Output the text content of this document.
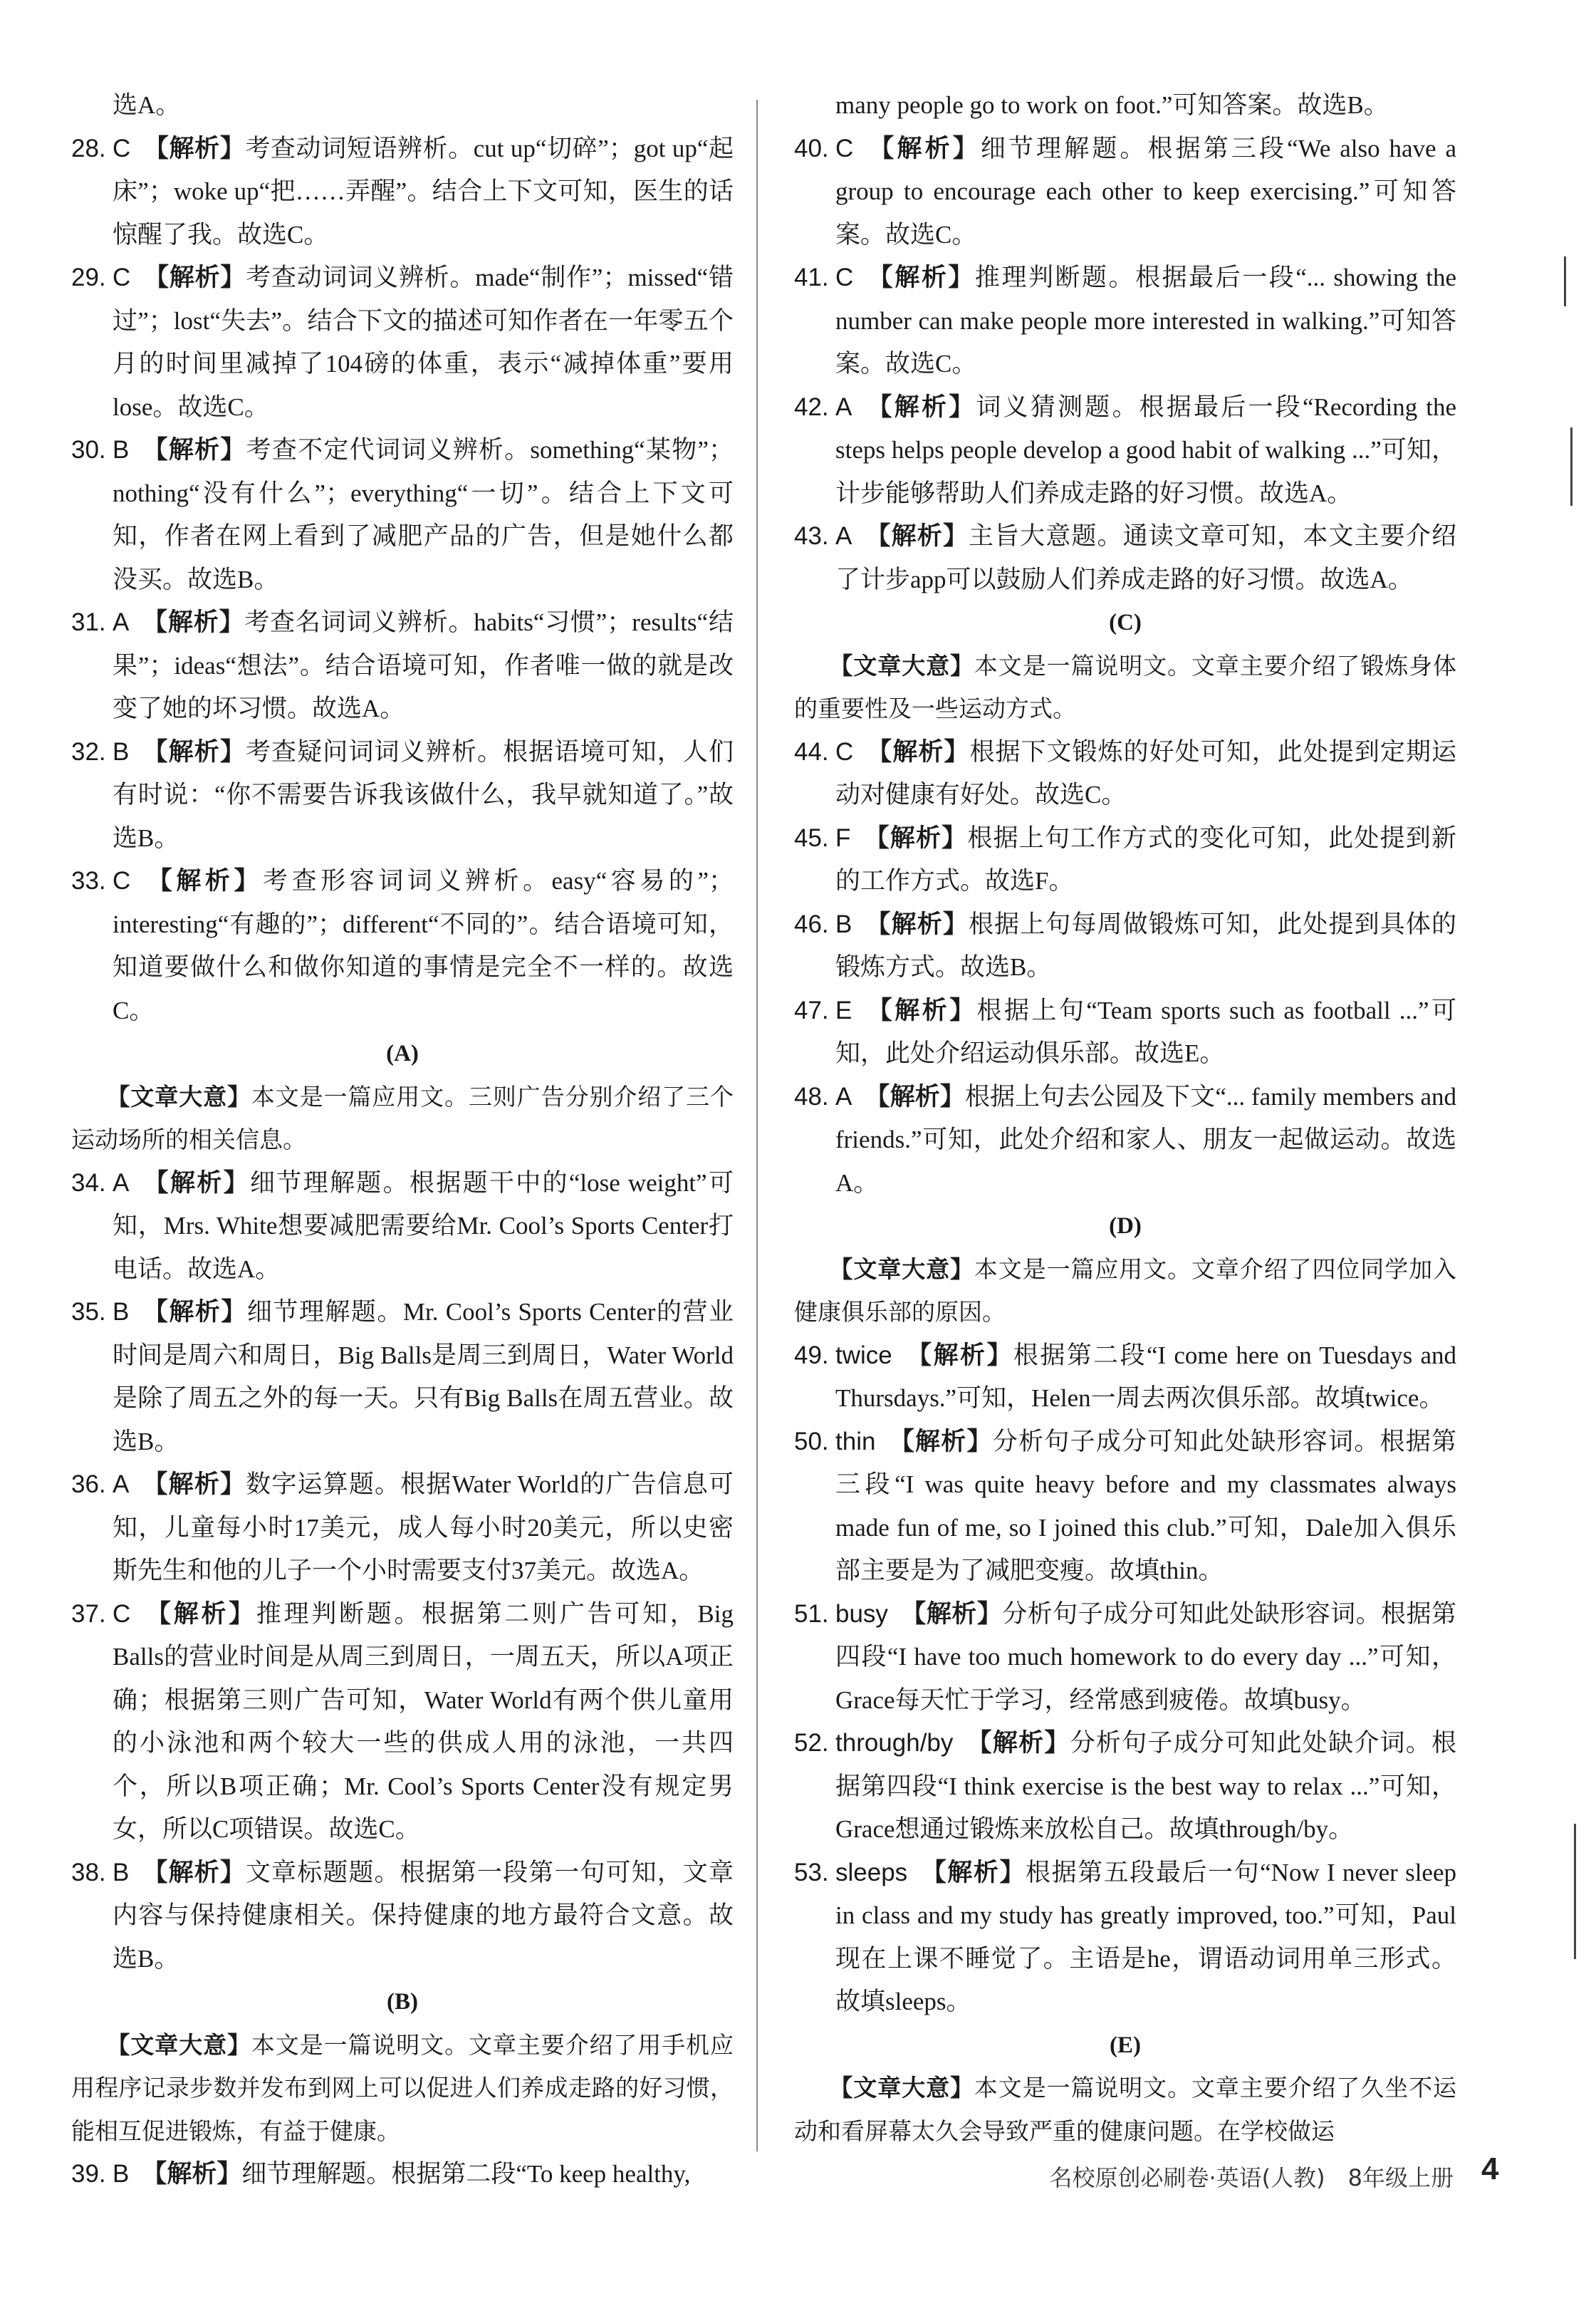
选A。
28. C 【解析】考查动词短语辨析。cut up“切碎”；got up“起床”；woke up“把……弄醒”。结合上下文可知，医生的话惊醒了我。故选C。
29. C 【解析】考查动词词义辨析。made“制作”；missed“错过”；lost“失去”。结合下文的描述可知作者在一年零五个月的时间里减掉了104磅的体重，表示“减掉体重”要用lose。故选C。
30. B 【解析】考查不定代词词义辨析。something“某物”；nothing“没有什么”；everything“一切”。结合上下文可知，作者在网上看到了减肥产品的广告，但是她什么都没买。故选B。
31. A 【解析】考查名词词义辨析。habits“习惯”；results“结果”；ideas“想法”。结合语境可知，作者唯一做的就是改变了她的坏习惯。故选A。
32. B 【解析】考查疑问词词义辨析。根据语境可知，人们有时说：“你不需要告诉我该做什么，我早就知道了。”故选B。
33. C 【解析】考查形容词词义辨析。easy“容易的”；interesting“有趣的”；different“不同的”。结合语境可知，知道要做什么和做你知道的事情是完全不一样的。故选C。
(A)
【文章大意】本文是一篇应用文。三则广告分别介绍了三个运动场所的相关信息。
34. A 【解析】细节理解题。根据题干中的“lose weight”可知，Mrs. White想要减肥需要给Mr. Cool’s Sports Center打电话。故选A。
35. B 【解析】细节理解题。Mr. Cool’s Sports Center的营业时间是周六和周日，Big Balls是周三到周日，Water World是除了周五之外的每一天。只有Big Balls在周五营业。故选B。
36. A 【解析】数字运算题。根据Water World的广告信息可知，儿童每小时17美元，成人每小时20美元，所以史密斯先生和他的儿子一个小时需要支付37美元。故选A。
37. C 【解析】推理判断题。根据第二则广告可知，Big Balls的营业时间是从周三到周日，一周五天，所以A项正确；根据第三则广告可知，Water World有两个供儿童用的小泳池和两个较大一些的供成人用的泳池，一共四个，所以B项正确；Mr. Cool’s Sports Center没有规定男女，所以C项错误。故选C。
38. B 【解析】文章标题题。根据第一段第一句可知，文章内容与保持健康相关。保持健康的地方最符合文意。故选B。
(B)
【文章大意】本文是一篇说明文。文章主要介绍了用手机应用程序记录步数并发布到网上可以促进人们养成走路的好习惯，能相互促进锻炼，有益于健康。
39. B 【解析】细节理解题。根据第二段“To keep healthy,
many people go to work on foot.”可知答案。故选B。
40. C 【解析】细节理解题。根据第三段“We also have a group to encourage each other to keep exercising.”可知答案。故选C。
41. C 【解析】推理判断题。根据最后一段“... showing the number can make people more interested in walking.”可知答案。故选C。
42. A 【解析】词义猜测题。根据最后一段“Recording the steps helps people develop a good habit of walking ...”可知，计步能够帮助人们养成走路的好习惯。故选A。
43. A 【解析】主旨大意题。通读文章可知，本文主要介绍了计步app可以鼓励人们养成走路的好习惯。故选A。
(C)
【文章大意】本文是一篇说明文。文章主要介绍了锻炼身体的重要性及一些运动方式。
44. C 【解析】根据下文锻炼的好处可知，此处提到定期运动对健康有好处。故选C。
45. F 【解析】根据上句工作方式的变化可知，此处提到新的工作方式。故选F。
46. B 【解析】根据上句每周做锻炼可知，此处提到具体的锻炼方式。故选B。
47. E 【解析】根据上句“Team sports such as football ...”可知，此处介绍运动俱乐部。故选E。
48. A 【解析】根据上句去公园及下文“... family members and friends.”可知，此处介绍和家人、朋友一起做运动。故选A。
(D)
【文章大意】本文是一篇应用文。文章介绍了四位同学加入健康俱乐部的原因。
49. twice 【解析】根据第二段“I come here on Tuesdays and Thursdays.”可知，Helen一周去两次俱乐部。故填twice。
50. thin 【解析】分析句子成分可知此处缺形容词。根据第三段“I was quite heavy before and my classmates always made fun of me, so I joined this club.”可知，Dale加入俱乐部主要是为了减肥变瘦。故填thin。
51. busy 【解析】分析句子成分可知此处缺形容词。根据第四段“I have too much homework to do every day ...”可知，Grace每天忙于学习，经常感到疲倦。故填busy。
52. through/by 【解析】分析句子成分可知此处缺介词。根据第四段“I think exercise is the best way to relax ...”可知，Grace想通过锻炼来放松自己。故填through/by。
53. sleeps 【解析】根据第五段最后一句“Now I never sleep in class and my study has greatly improved, too.”可知，Paul现在上课不睡觉了。主语是he，谓语动词用单三形式。故填sleeps。
(E)
【文章大意】本文是一篇说明文。文章主要介绍了久坐不运动和看屏幕太久会导致严重的健康问题。在学校做运
名校原创必刷卷·英语(人教)　8年级上册 4
